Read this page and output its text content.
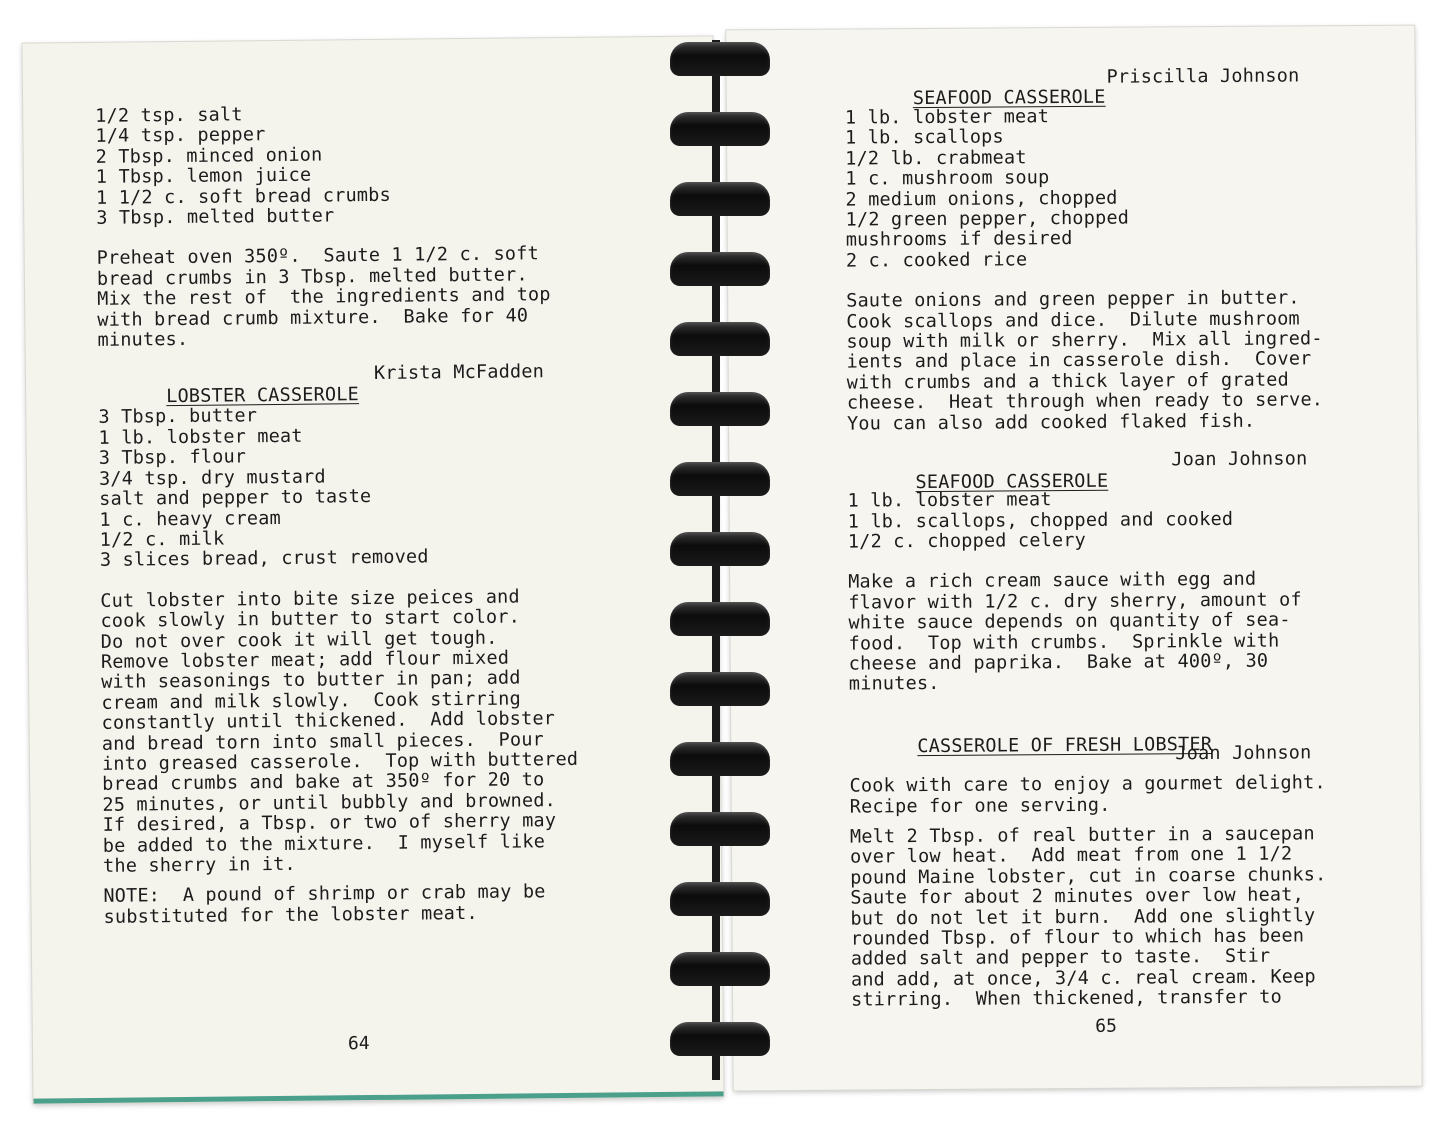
1/2 tsp. salt
1/4 tsp. pepper
2 Tbsp. minced onion
1 Tbsp. lemon juice
1 1/2 c. soft bread crumbs
3 Tbsp. melted butter
Preheat oven 350º.  Saute 1 1/2 c. soft
bread crumbs in 3 Tbsp. melted butter.
Mix the rest of  the ingredients and top
with bread crumb mixture.  Bake for 40
minutes.

LOBSTER CASSEROLE

Krista McFadden

3 Tbsp. butter
1 lb. lobster meat
3 Tbsp. flour
3/4 tsp. dry mustard
salt and pepper to taste
1 c. heavy cream
1/2 c. milk
3 slices bread, crust removed
Cut lobster into bite size peices and
cook slowly in butter to start color.
Do not over cook it will get tough.
Remove lobster meat; add flour mixed
with seasonings to butter in pan; add
cream and milk slowly.  Cook stirring
constantly until thickened.  Add lobster
and bread torn into small pieces.  Pour
into greased casserole.  Top with buttered
bread crumbs and bake at 350º for 20 to
25 minutes, or until bubbly and browned.
If desired, a Tbsp. or two of sherry may
be added to the mixture.  I myself like
the sherry in it.
NOTE:  A pound of shrimp or crab may be
substituted for the lobster meat.
64

SEAFOOD CASSEROLE

Priscilla Johnson

1 lb. lobster meat
1 lb. scallops
1/2 lb. crabmeat
1 c. mushroom soup
2 medium onions, chopped
1/2 green pepper, chopped
mushrooms if desired
2 c. cooked rice
Saute onions and green pepper in butter.
Cook scallops and dice.  Dilute mushroom
soup with milk or sherry.  Mix all ingred-
ients and place in casserole dish.  Cover
with crumbs and a thick layer of grated
cheese.  Heat through when ready to serve.
You can also add cooked flaked fish.

SEAFOOD CASSEROLE

Joan Johnson

1 lb. lobster meat
1 lb. scallops, chopped and cooked
1/2 c. chopped celery
Make a rich cream sauce with egg and
flavor with 1/2 c. dry sherry, amount of
white sauce depends on quantity of sea-
food.  Top with crumbs.  Sprinkle with
cheese and paprika.  Bake at 400º, 30
minutes.

CASSEROLE OF FRESH LOBSTER

Joan Johnson
Cook with care to enjoy a gourmet delight.
Recipe for one serving.
Melt 2 Tbsp. of real butter in a saucepan
over low heat.  Add meat from one 1 1/2
pound Maine lobster, cut in coarse chunks.
Saute for about 2 minutes over low heat,
but do not let it burn.  Add one slightly
rounded Tbsp. of flour to which has been
added salt and pepper to taste.  Stir
and add, at once, 3/4 c. real cream. Keep
stirring.  When thickened, transfer to
65
